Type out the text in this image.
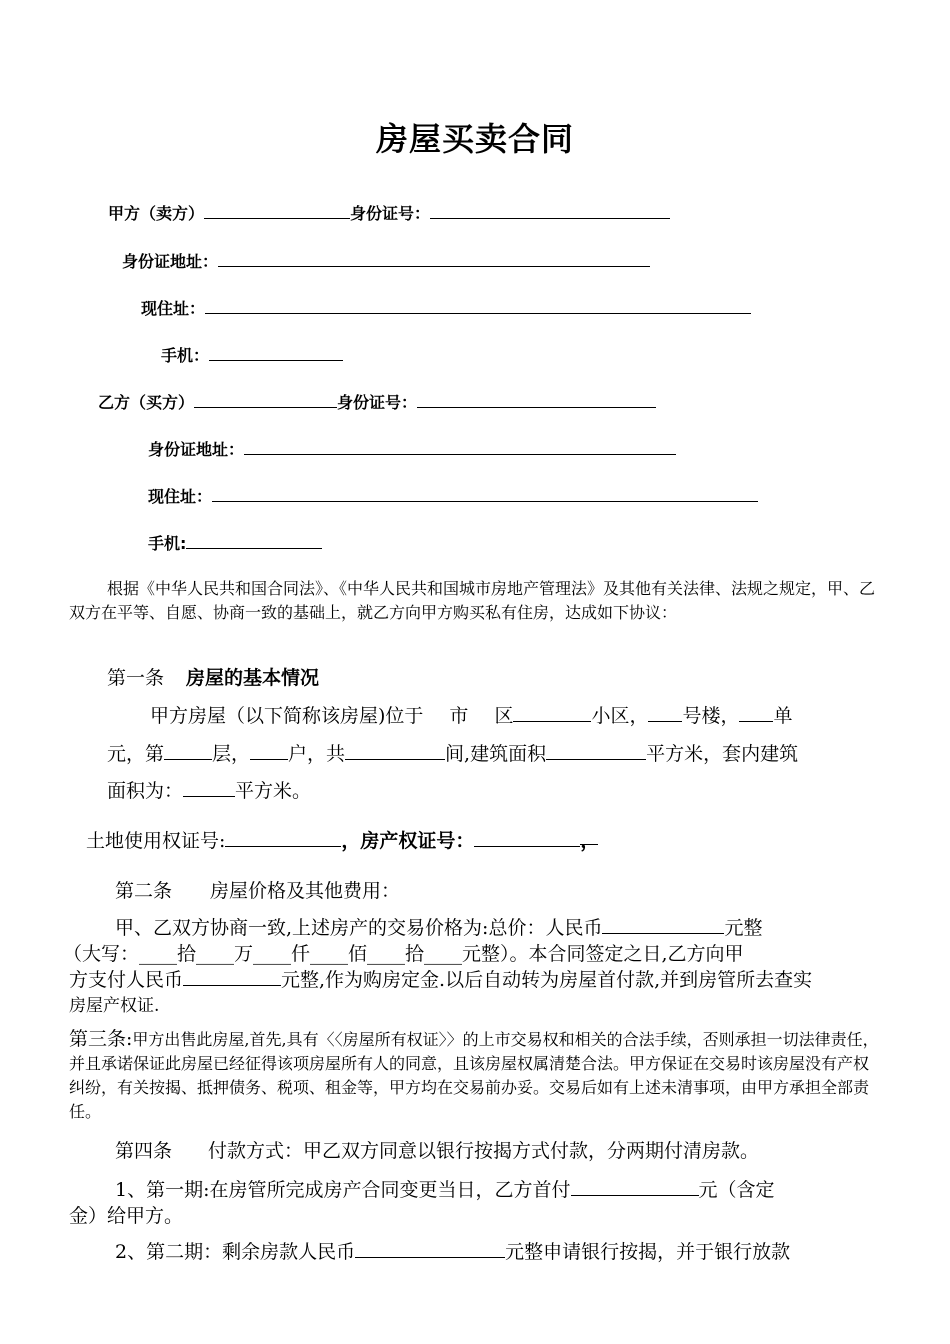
房屋买卖合同
甲方（卖方）	身份证号：
身份证地址：
现住址：
手机：
乙方（买方）	身份证号：
身份证地址：
现住址：
手机:
根据《中华人民共和国合同法》、《中华人民共和国城市房地产管理法》及其他有关法律、法规之规定，甲、乙双方在平等、自愿、协商一致的基础上，就乙方向甲方购买私有住房，达成如下协议：
第一条 房屋的基本情况
甲方房屋（以下简称该房屋)位于 市 区	小区， 号楼， 单
元，第	层， 户，共	间,建筑面积	平方米，套内建筑
面积为：	平方米。
土地使用权证号:	，房产权证号：	，
第二条 房屋价格及其他费用：
甲、乙双方协商一致,上述房产的交易价格为:总价：人民币	元整
（大写：____拾____万____仟____佰____拾____元整）。本合同签定之日,乙方向甲
方支付人民币	元整,作为购房定金.以后自动转为房屋首付款,并到房管所去查实
房屋产权证.
第三条:甲方出售此房屋,首先,具有〈〈房屋所有权证〉〉的上市交易权和相关的合法手续，否则承担一切法律责任，并且承诺保证此房屋已经征得该项房屋所有人的同意，且该房屋权属清楚合法。甲方保证在交易时该房屋没有产权纠纷，有关按揭、抵押债务、税项、租金等，甲方均在交易前办妥。交易后如有上述未清事项，由甲方承担全部责任。
第四条 付款方式：甲乙双方同意以银行按揭方式付款，分两期付清房款。
1、第一期:在房管所完成房产合同变更当日，乙方首付	元（含定
金）给甲方。
2、第二期：剩余房款人民币	元整申请银行按揭，并于银行放款
